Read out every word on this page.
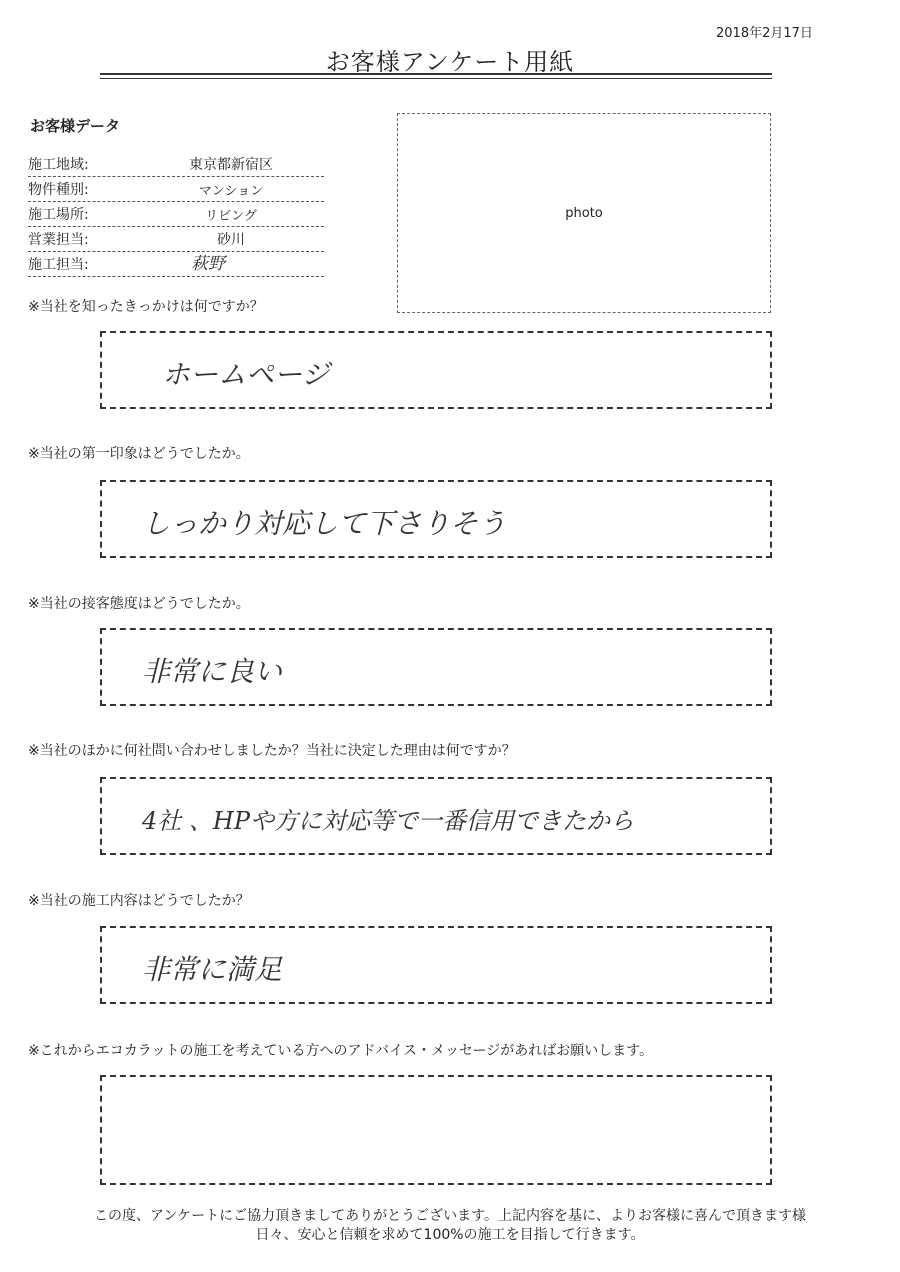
2018年2月17日
お客様アンケート用紙
お客様データ
施工地域:	東京都新宿区
物件種別:	マンション
施工場所:	リビング
営業担当:	砂川
施工担当:	萩野
photo
※当社を知ったきっかけは何ですか？
ホームページ
※当社の第一印象はどうでしたか。
しっかり対応して下さりそう
※当社の接客態度はどうでしたか。
非常に良い
※当社のほかに何社問い合わせしましたか？当社に決定した理由は何ですか？
4社 、HPや方に対応等で一番信用できたから
※当社の施工内容はどうでしたか？
非常に満足
※これからエコカラットの施工を考えている方へのアドバイス・メッセージがあればお願いします。
この度、アンケートにご協力頂きましてありがとうございます。上記内容を基に、よりお客様に喜んで頂きます様
日々、安心と信頼を求めて100%の施工を目指して行きます。
